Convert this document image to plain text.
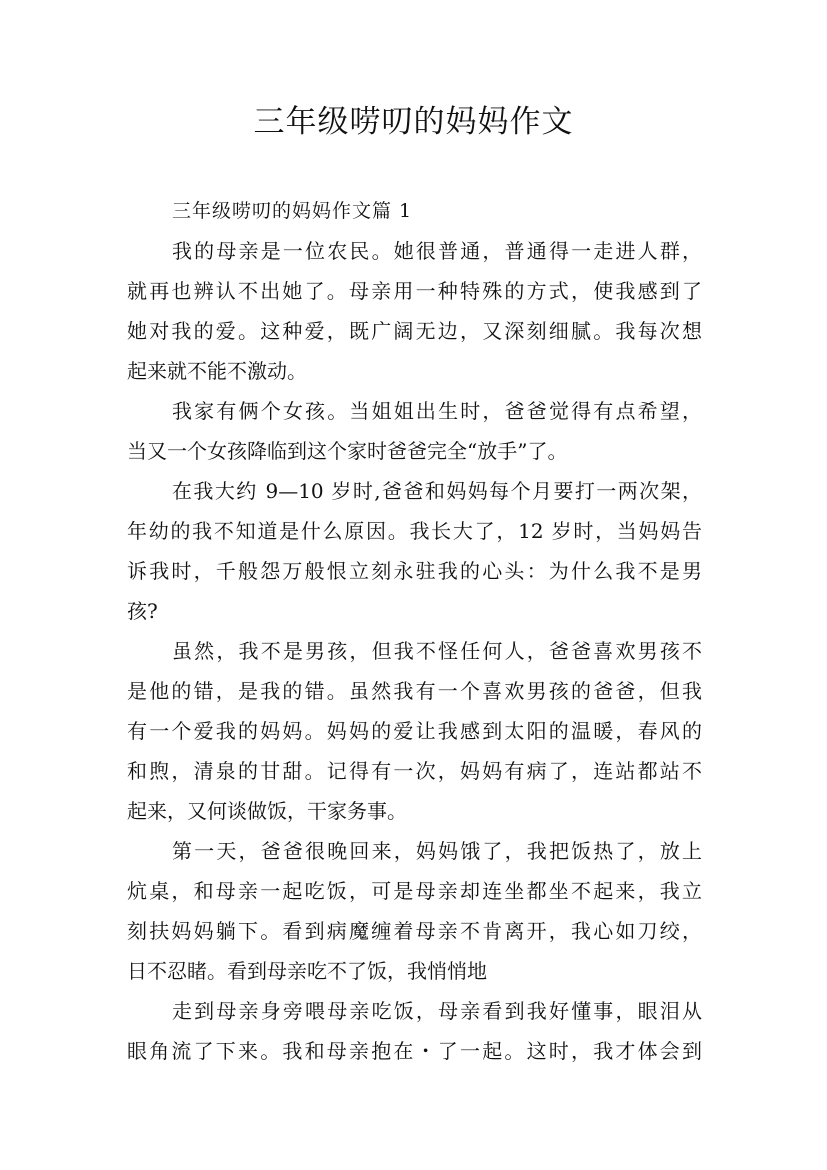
三年级唠叨的妈妈作文
三年级唠叨的妈妈作文篇 1
我的母亲是一位农民。她很普通，普通得一走进人群，
就再也辨认不出她了。母亲用一种特殊的方式，使我感到了
她对我的爱。这种爱，既广阔无边，又深刻细腻。我每次想
起来就不能不激动。
我家有俩个女孩。当姐姐出生时，爸爸觉得有点希望，
当又一个女孩降临到这个家时爸爸完全“放手”了。
在我大约 9—10 岁时,爸爸和妈妈每个月要打一两次架，
年幼的我不知道是什么原因。我长大了，12 岁时，当妈妈告
诉我时，千般怨万般恨立刻永驻我的心头：为什么我不是男
孩?
虽然，我不是男孩，但我不怪任何人，爸爸喜欢男孩不
是他的错，是我的错。虽然我有一个喜欢男孩的爸爸，但我
有一个爱我的妈妈。妈妈的爱让我感到太阳的温暖，春风的
和煦，清泉的甘甜。记得有一次，妈妈有病了，连站都站不
起来，又何谈做饭，干家务事。
第一天，爸爸很晚回来，妈妈饿了，我把饭热了，放上
炕桌，和母亲一起吃饭，可是母亲却连坐都坐不起来，我立
刻扶妈妈躺下。看到病魔缠着母亲不肯离开，我心如刀绞，
日不忍睹。看到母亲吃不了饭，我悄悄地
走到母亲身旁喂母亲吃饭，母亲看到我好懂事，眼泪从
眼角流了下来。我和母亲抱在・了一起。这时，我才体会到
